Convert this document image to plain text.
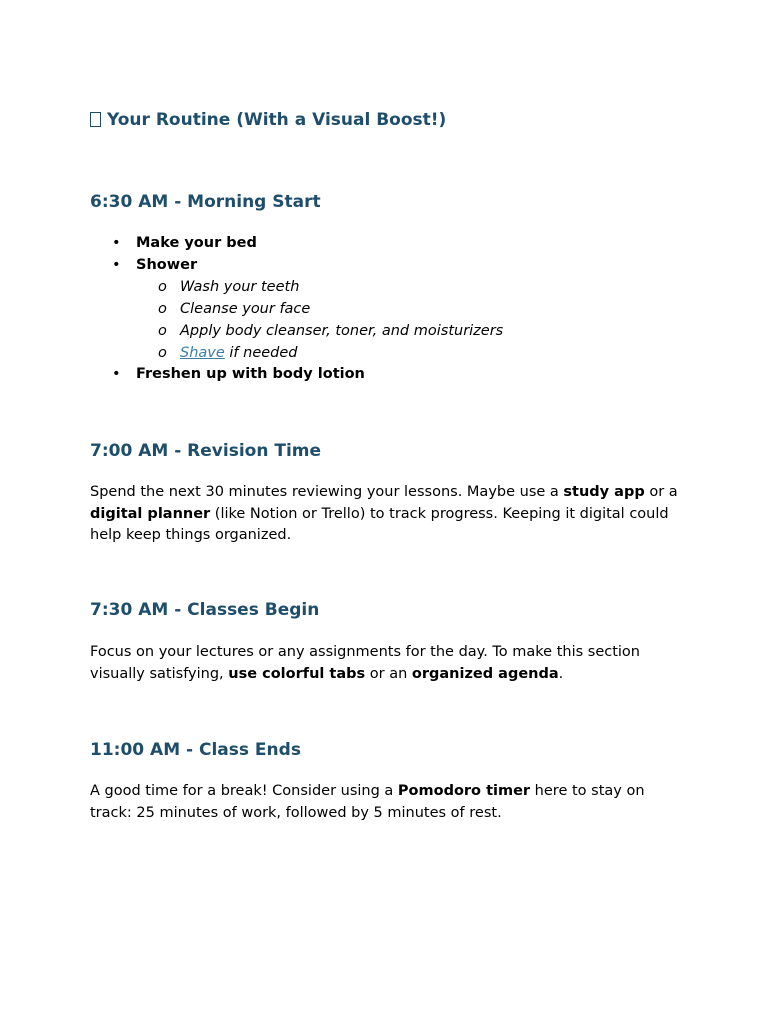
Your Routine (With a Visual Boost!)
6:30 AM - Morning Start
• Make your bed
• Shower
o Wash your teeth
o Cleanse your face
o Apply body cleanser, toner, and moisturizers
o Shave if needed
• Freshen up with body lotion
7:00 AM - Revision Time

Spend the next 30 minutes reviewing your lessons. Maybe use a study app or a digital planner (like Notion or Trello) to track progress. Keeping it digital could help keep things organized.

7:30 AM - Classes Begin

Focus on your lectures or any assignments for the day. To make this section visually satisfying, use colorful tabs or an organized agenda.

11:00 AM - Class Ends

A good time for a break! Consider using a Pomodoro timer here to stay on track: 25 minutes of work, followed by 5 minutes of rest.
